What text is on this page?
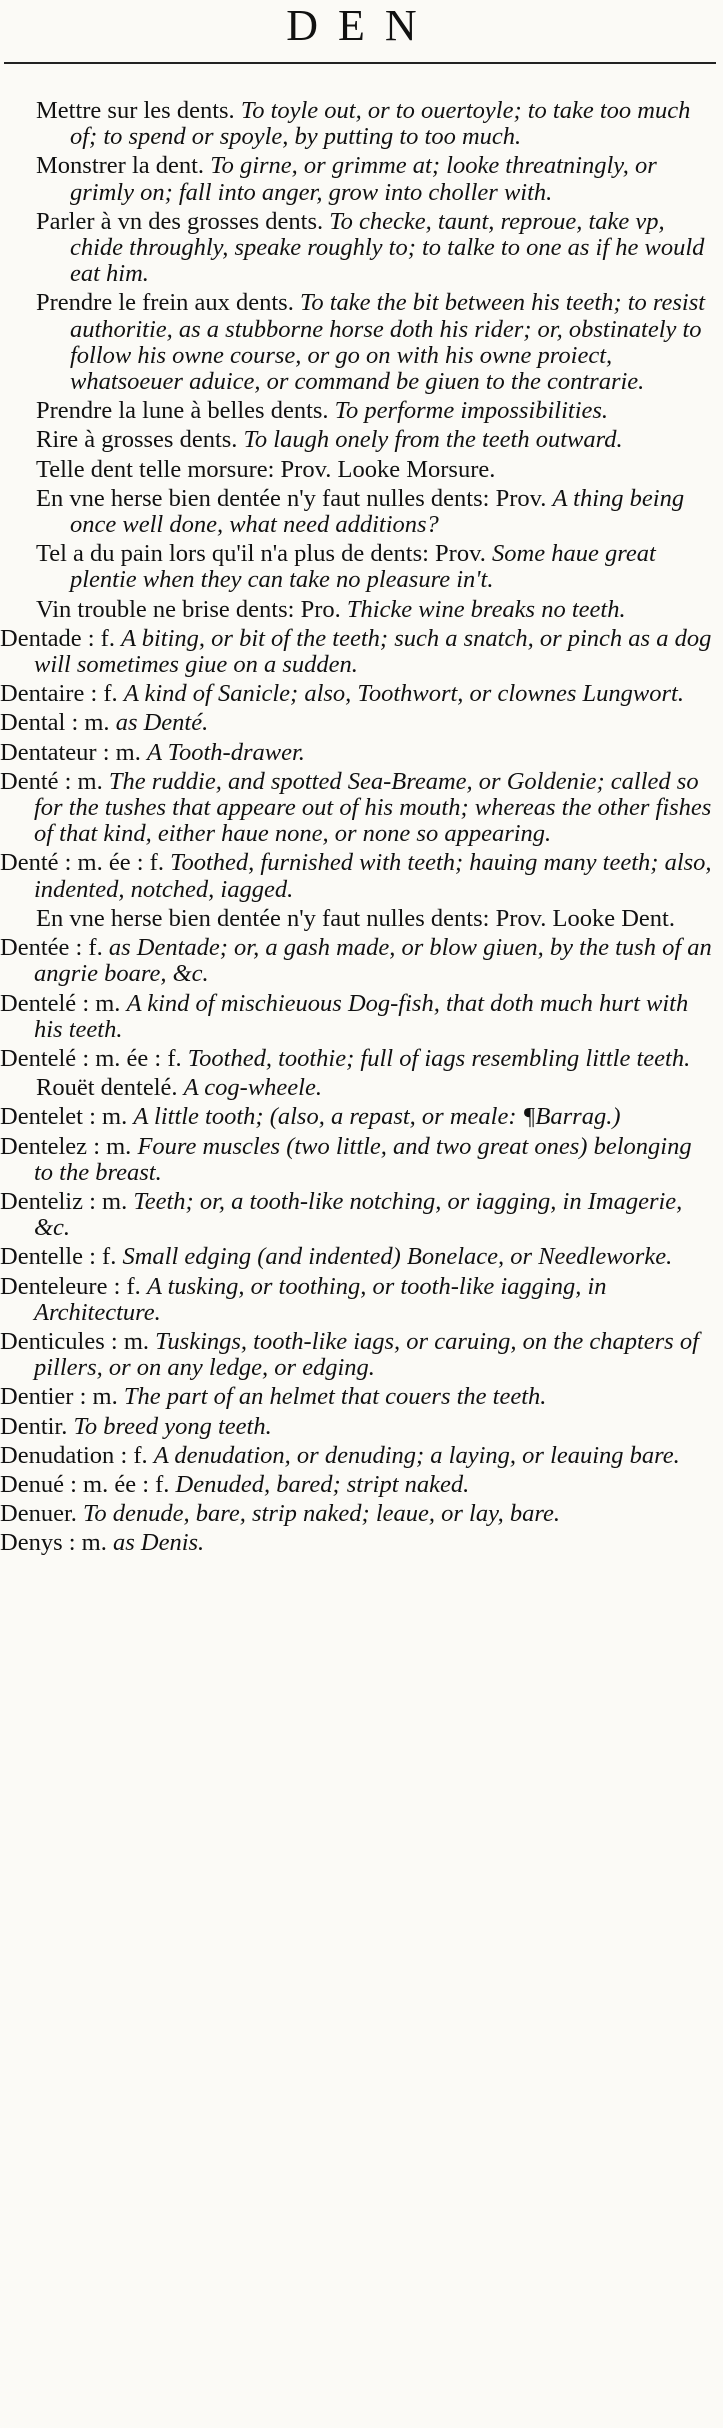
DEN
Mettre sur les dents. To toyle out, or to ouertoyle; to take too much of; to spend or spoyle, by putting to too much.
Monstrer la dent. To girne, or grimme at; looke threatningly, or grimly on; fall into anger, grow into choller with.
Parler à vn des grosses dents. To checke, taunt, reproue, take vp, chide throughly, speake roughly to; to talke to one as if he would eat him.
Prendre le frein aux dents. To take the bit between his teeth; to resist authoritie, as a stubborne horse doth his rider; or, obstinately to follow his owne course, or go on with his owne proiect, whatsoeuer aduice, or command be giuen to the contrarie.
Prendre la lune à belles dents. To performe impossibilities.
Rire à grosses dents. To laugh onely from the teeth outward.
Telle dent telle morsure: Prov. Looke Morsure.
En vne herse bien dentée n'y faut nulles dents: Prov. A thing being once well done, what need additions?
Tel a du pain lors qu'il n'a plus de dents: Prov. Some haue great plentie when they can take no pleasure in't.
Vin trouble ne brise dents: Pro. Thicke wine breaks no teeth.
Dentade : f. A biting, or bit of the teeth; such a snatch, or pinch as a dog will sometimes giue on a sudden.
Dentaire : f. A kind of Sanicle; also, Toothwort, or clownes Lungwort.
Dental : m. as Denté.
Dentateur : m. A Tooth-drawer.
Denté : m. The ruddie, and spotted Sea-Breame, or Goldenie; called so for the tushes that appeare out of his mouth; whereas the other fishes of that kind, either haue none, or none so appearing.
Denté : m. ée : f. Toothed, furnished with teeth; hauing many teeth; also, indented, notched, iagged.
En vne herse bien dentée n'y faut nulles dents: Prov. Looke Dent.
Dentée : f. as Dentade; or, a gash made, or blow giuen, by the tush of an angrie boare, &c.
Dentelé : m. A kind of mischieuous Dog-fish, that doth much hurt with his teeth.
Dentelé : m. ée : f. Toothed, toothie; full of iags resembling little teeth.
Rouët dentelé. A cog-wheele.
Dentelet : m. A little tooth; (also, a repast, or meale: ¶Barrag.)
Dentelez : m. Foure muscles (two little, and two great ones) belonging to the breast.
Denteliz : m. Teeth; or, a tooth-like notching, or iagging, in Imagerie, &c.
Dentelle : f. Small edging (and indented) Bonelace, or Needleworke.
Denteleure : f. A tusking, or toothing, or tooth-like iagging, in Architecture.
Denticules : m. Tuskings, tooth-like iags, or caruing, on the chapters of pillers, or on any ledge, or edging.
Dentier : m. The part of an helmet that couers the teeth.
Dentir. To breed yong teeth.
Denudation : f. A denudation, or denuding; a laying, or leauing bare.
Denué : m. ée : f. Denuded, bared; stript naked.
Denuer. To denude, bare, strip naked; leaue, or lay, bare.
Denys : m. as Denis.
